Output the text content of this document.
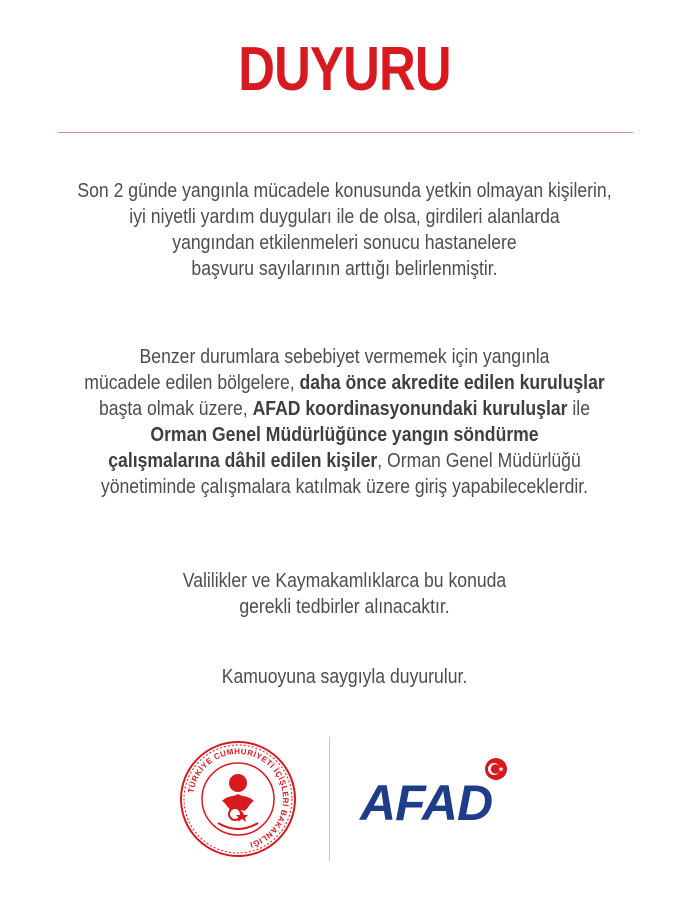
DUYURU
Son 2 günde yangınla mücadele konusunda yetkin olmayan kişilerin,
iyi niyetli yardım duyguları ile de olsa, girdileri alanlarda
yangından etkilenmeleri sonucu hastanelere
başvuru sayılarının arttığı belirlenmiştir.
Benzer durumlara sebebiyet vermemek için yangınla
mücadele edilen bölgelere, daha önce akredite edilen kuruluşlar
başta olmak üzere, AFAD koordinasyonundaki kuruluşlar ile
Orman Genel Müdürlüğünce yangın söndürme
çalışmalarına dâhil edilen kişiler, Orman Genel Müdürlüğü
yönetiminde çalışmalara katılmak üzere giriş yapabileceklerdir.
Valilikler ve Kaymakamlıklarca bu konuda
gerekli tedbirler alınacaktır.
Kamuoyuna saygıyla duyurulur.
TÜRKİYE CUMHURİYETİ İÇİŞLERİ BAKANLIĞI
AFAD
